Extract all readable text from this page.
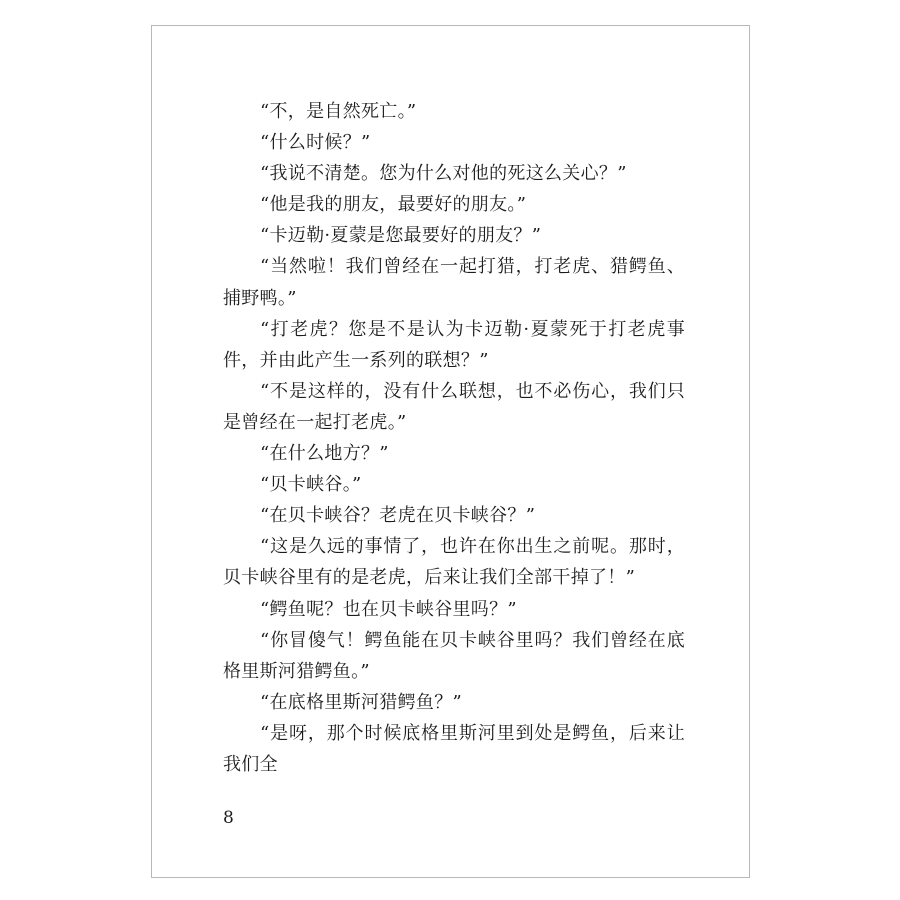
“不，是自然死亡。”

“什么时候？”

“我说不清楚。您为什么对他的死这么关心？”

“他是我的朋友，最要好的朋友。”

“卡迈勒·夏蒙是您最要好的朋友？”

“当然啦！我们曾经在一起打猎，打老虎、猎鳄鱼、捕野鸭。”

“打老虎？您是不是认为卡迈勒·夏蒙死于打老虎事件，并由此产生一系列的联想？”

“不是这样的，没有什么联想，也不必伤心，我们只是曾经在一起打老虎。”

“在什么地方？”

“贝卡峡谷。”

“在贝卡峡谷？老虎在贝卡峡谷？”

“这是久远的事情了，也许在你出生之前呢。那时，贝卡峡谷里有的是老虎，后来让我们全部干掉了！”

“鳄鱼呢？也在贝卡峡谷里吗？”

“你冒傻气！鳄鱼能在贝卡峡谷里吗？我们曾经在底格里斯河猎鳄鱼。”

“在底格里斯河猎鳄鱼？”

“是呀，那个时候底格里斯河里到处是鳄鱼，后来让我们全

8
